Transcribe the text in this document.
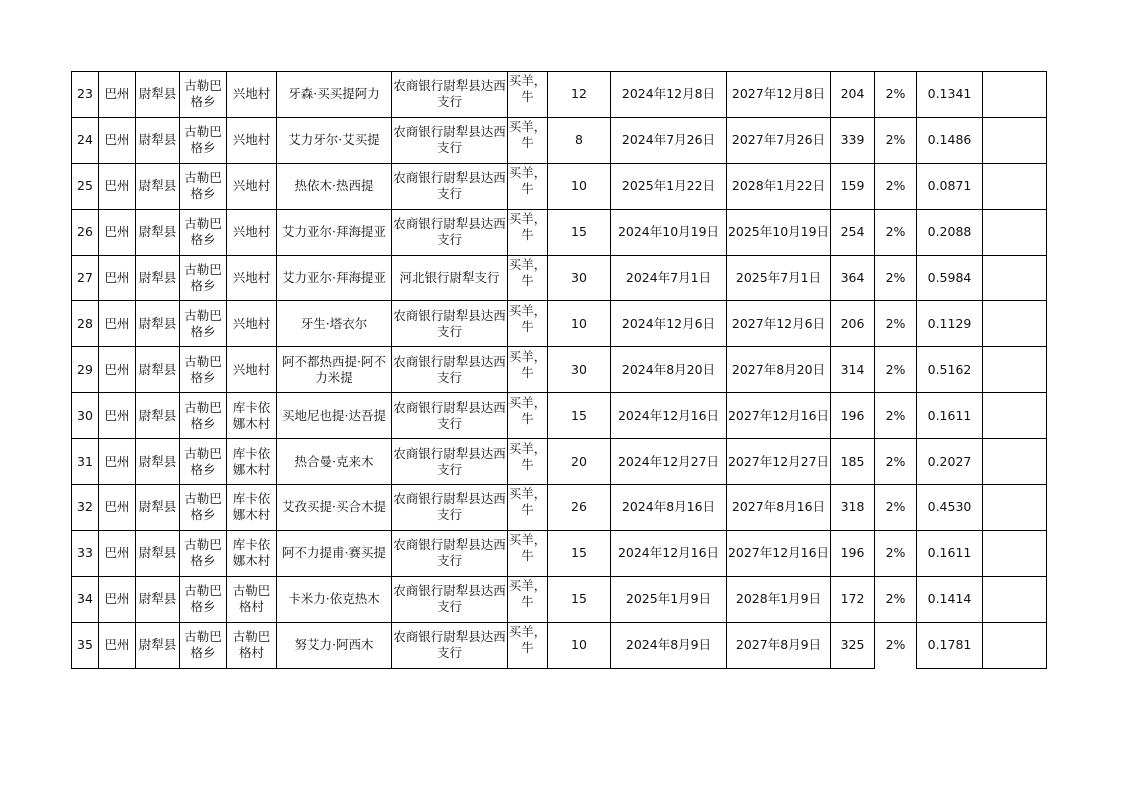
23	巴州	尉犁县	古勒巴格乡	兴地村	牙森·买买提阿力	农商银行尉犁县达西支行	买羊，牛	12	2024年12月8日	2027年12月8日	204	2%	0.1341	
24	巴州	尉犁县	古勒巴格乡	兴地村	艾力牙尔·艾买提	农商银行尉犁县达西支行	买羊，牛	8	2024年7月26日	2027年7月26日	339	2%	0.1486	
25	巴州	尉犁县	古勒巴格乡	兴地村	热依木·热西提	农商银行尉犁县达西支行	买羊，牛	10	2025年1月22日	2028年1月22日	159	2%	0.0871	
26	巴州	尉犁县	古勒巴格乡	兴地村	艾力亚尔·拜海提亚	农商银行尉犁县达西支行	买羊，牛	15	2024年10月19日	2025年10月19日	254	2%	0.2088	
27	巴州	尉犁县	古勒巴格乡	兴地村	艾力亚尔·拜海提亚	河北银行尉犁支行	买羊，牛	30	2024年7月1日	2025年7月1日	364	2%	0.5984	
28	巴州	尉犁县	古勒巴格乡	兴地村	牙生·塔衣尔	农商银行尉犁县达西支行	买羊，牛	10	2024年12月6日	2027年12月6日	206	2%	0.1129	
29	巴州	尉犁县	古勒巴格乡	兴地村	阿不都热西提·阿不力米提	农商银行尉犁县达西支行	买羊，牛	30	2024年8月20日	2027年8月20日	314	2%	0.5162	
30	巴州	尉犁县	古勒巴格乡	库卡依娜木村	买地尼也提·达吾提	农商银行尉犁县达西支行	买羊，牛	15	2024年12月16日	2027年12月16日	196	2%	0.1611	
31	巴州	尉犁县	古勒巴格乡	库卡依娜木村	热合曼·克来木	农商银行尉犁县达西支行	买羊，牛	20	2024年12月27日	2027年12月27日	185	2%	0.2027	
32	巴州	尉犁县	古勒巴格乡	库卡依娜木村	艾孜买提·买合木提	农商银行尉犁县达西支行	买羊，牛	26	2024年8月16日	2027年8月16日	318	2%	0.4530	
33	巴州	尉犁县	古勒巴格乡	库卡依娜木村	阿不力提甫·赛买提	农商银行尉犁县达西支行	买羊，牛	15	2024年12月16日	2027年12月16日	196	2%	0.1611	
34	巴州	尉犁县	古勒巴格乡	古勒巴格村	卡米力·依克热木	农商银行尉犁县达西支行	买羊，牛	15	2025年1月9日	2028年1月9日	172	2%	0.1414	
35	巴州	尉犁县	古勒巴格乡	古勒巴格村	努艾力·阿西木	农商银行尉犁县达西支行	买羊，牛	10	2024年8月9日	2027年8月9日	325	2%	0.1781	
